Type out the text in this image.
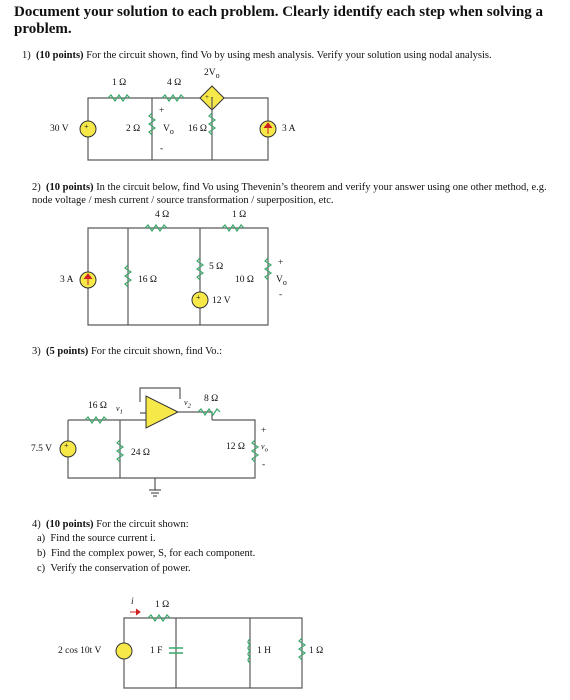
Document your solution to each problem. Clearly identify each step when solving a problem.
1) (10 points) For the circuit shown, find Vo by using mesh analysis. Verify your solution using nodal analysis.
1 Ω	4 Ω
$2V_o$
+ -
30 V +	2 Ω $V_o$
+
-
16 Ω	3 A
2) (10 points) In the circuit below, find Vo using Thevenin’s theorem and verify your answer using one other method, e.g. node voltage / mesh current / source transformation / superposition, etc.
4 Ω	1 Ω
3 A	16 Ω
5 Ω
10 Ω $V_o$
+
-
+ 12 V
3) (5 points) For the circuit shown, find Vo.:
16 Ω $v_1$
$v_2$
8 Ω
7.5 V +
24 Ω
12 Ω $v_o$
+
-
4) (10 points) For the circuit shown:
a)  Find the source current i.
b)  Find the complex power, S, for each component.
c)  Verify the conservation of power.
i 1 Ω
2 cos 10t V	1 F	1 H	1 Ω
